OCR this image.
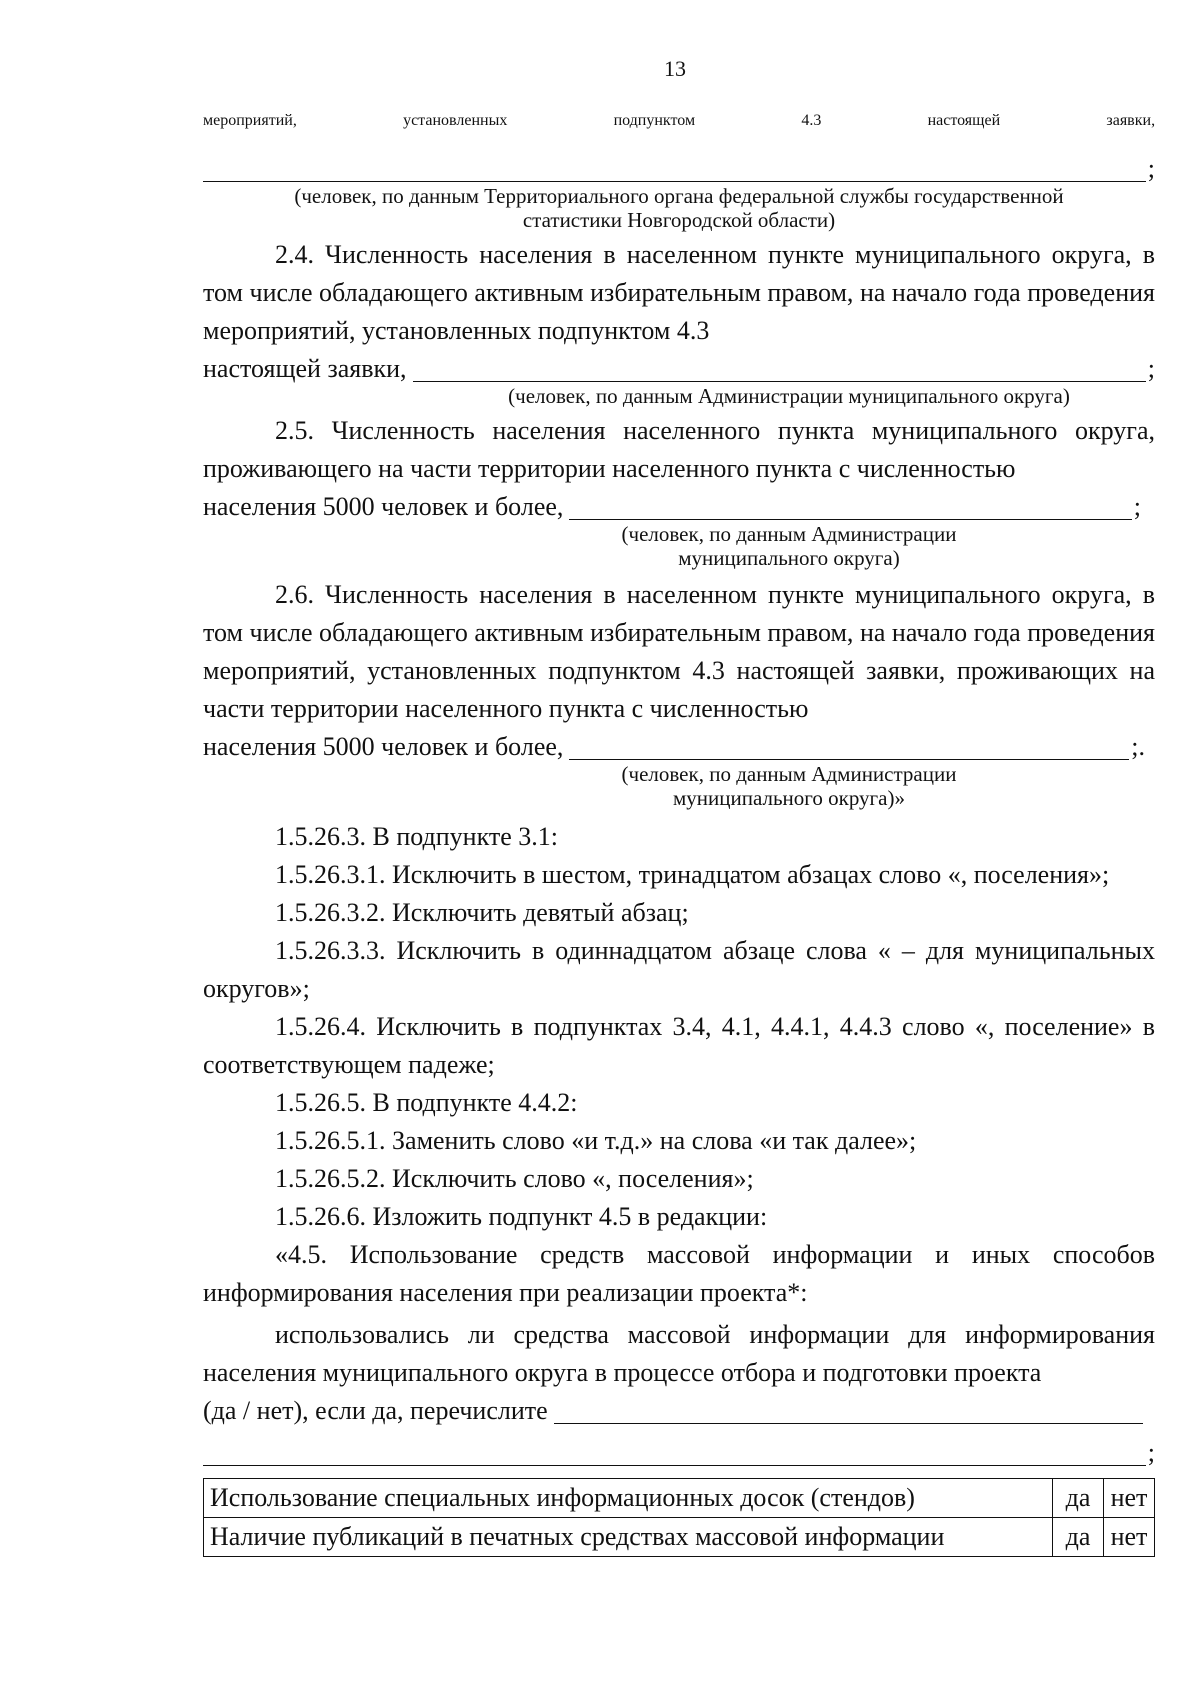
13
мероприятий,	установленных	подпунктом	4.3	настоящей	заявки,
;

(человек, по данным Территориального органа федеральной службы государственной

статистики Новгородской области)

2.4. Численность населения в населенном пункте муниципального округа, в том числе обладающего активным избирательным правом, на начало года проведения мероприятий, установленных подпунктом 4.3

настоящей заявки,	;

(человек, по данным Администрации муниципального округа)

2.5. Численность населения населенного пункта муниципального округа, проживающего на части территории населенного пункта с численностью

населения 5000 человек и более,	;

(человек, по данным Администрации

муниципального округа)

2.6. Численность населения в населенном пункте муниципального округа, в том числе обладающего активным избирательным правом, на начало года проведения мероприятий, установленных подпунктом 4.3 настоящей заявки, проживающих на части территории населенного пункта с численностью

населения 5000 человек и более,	;.

(человек, по данным Администрации

муниципального округа)»

1.5.26.3. В подпункте 3.1:

1.5.26.3.1. Исключить в шестом, тринадцатом абзацах слово «, поселения»;

1.5.26.3.2. Исключить девятый абзац;

1.5.26.3.3. Исключить в одиннадцатом абзаце слова « – для муниципальных округов»;

1.5.26.4. Исключить в подпунктах 3.4, 4.1, 4.4.1, 4.4.3 слово «, поселение» в соответствующем падеже;

1.5.26.5. В подпункте 4.4.2:

1.5.26.5.1. Заменить слово «и т.д.» на слова «и так далее»;

1.5.26.5.2. Исключить слово «, поселения»;

1.5.26.6. Изложить подпункт 4.5 в редакции:

«4.5. Использование средств массовой информации и иных способов информирования населения при реализации проекта*:

использовались ли средства массовой информации для информирования населения муниципального округа в процессе отбора и подготовки проекта

(да / нет), если да, перечислите
;
Использование специальных информационных досок (стендов)	да	нет
Наличие публикаций в печатных средствах массовой информации	да	нет
